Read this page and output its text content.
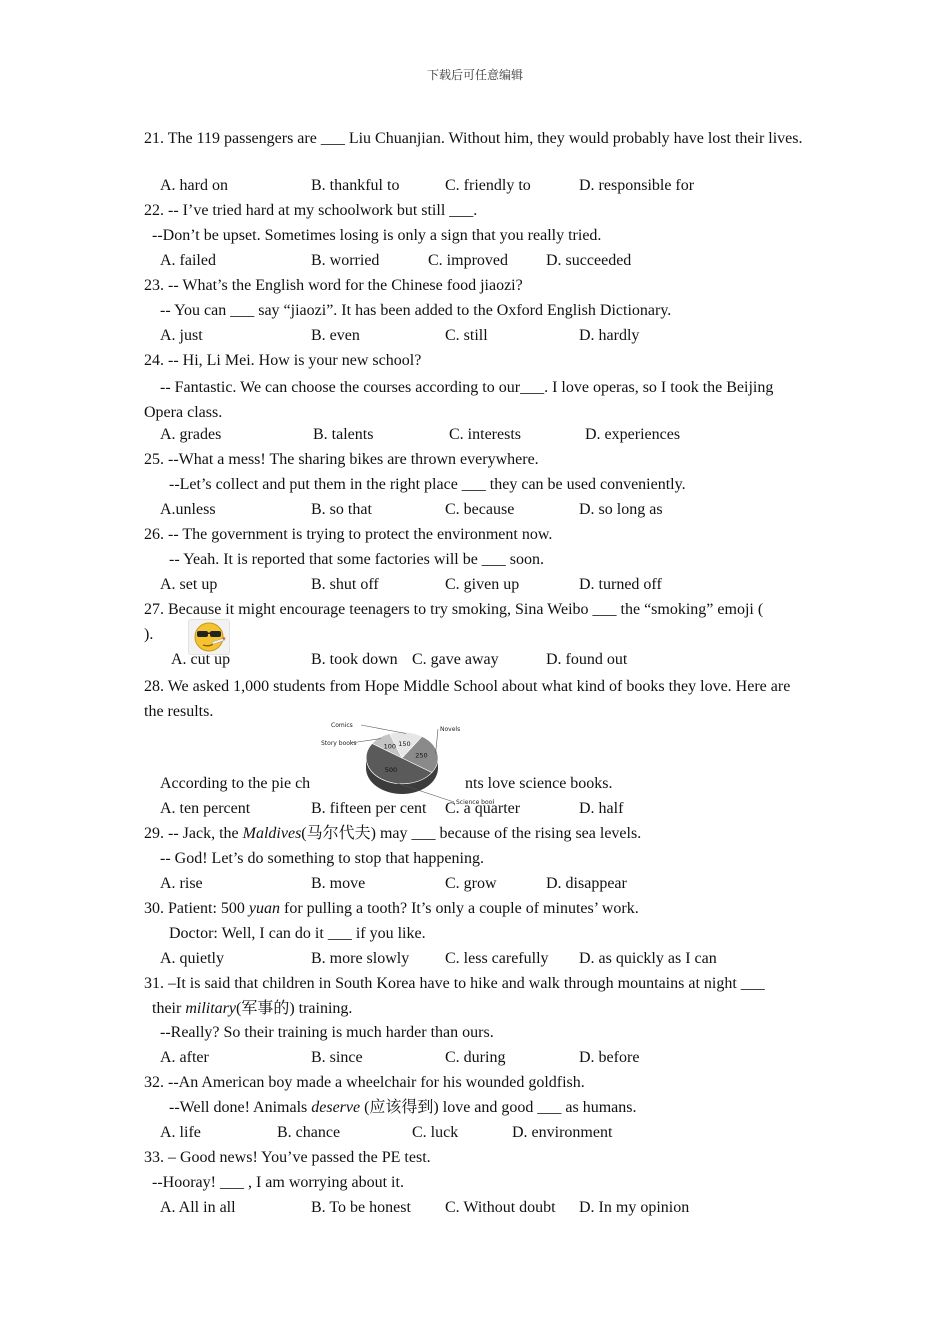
下载后可任意编辑
21. The 119 passengers are ___ Liu Chuanjian. Without him, they would probably have lost their lives.
A. hard on	B. thankful to	C. friendly to	D. responsible for
22. -- I’ve tried hard at my schoolwork but still ___.
--Don’t be upset. Sometimes losing is only a sign that you really tried.
A. failed	B. worried	C. improved D. succeeded
23. -- What’s the English word for the Chinese food jiaozi?
-- You can ___ say “jiaozi”. It has been added to the Oxford English Dictionary.
A. just	B. even	C. still	D. hardly
24. -- Hi, Li Mei. How is your new school?
-- Fantastic. We can choose the courses according to our___. I love operas, so I took the Beijing Opera class.
A. grades	B. talents	C. interests	D. experiences
25. --What a mess! The sharing bikes are thrown everywhere.
--Let’s collect and put them in the right place ___ they can be used conveniently.
A.unless	B. so that	C. because	D. so long as
26. -- The government is trying to protect the environment now.
-- Yeah. It is reported that some factories will be ___ soon.
A. set up	B. shut off	C. given up	D. turned off
27. Because it might encourage teenagers to try smoking, Sina Weibo ___ the “smoking” emoji (
).
A. cut up	B. took down C. gave away	D. found out
28. We asked 1,000 students from Hope Middle School about what kind of books they love. Here are the results.
According to the pie ch	nts love science books.
A. ten percent	B. fifteen per cent C. a quarter	D. half
150
250
500
100
Comics
Novels
Science boo
Story books
29. -- Jack, the Maldives(马尔代夫) may ___ because of the rising sea levels.
-- God! Let’s do something to stop that happening.
A. rise	B. move	C. grow	D. disappear
30. Patient: 500 yuan for pulling a tooth? It’s only a couple of minutes’ work.
Doctor: Well, I can do it ___ if you like.
A. quietly	B. more slowly C. less carefully D. as quickly as I can
31. –It is said that children in South Korea have to hike and walk through mountains at night ___
their military(军事的) training.
--Really? So their training is much harder than ours.
A. after	B. since	C. during	D. before
32. --An American boy made a wheelchair for his wounded goldfish.
--Well done! Animals deserve (应该得到) love and good ___ as humans.
A. life	B. chance	C. luck	D. environment
33. – Good news! You’ve passed the PE test.
--Hooray! ___ , I am worrying about it.
A. All in all	B. To be honest C. Without doubt D. In my opinion
